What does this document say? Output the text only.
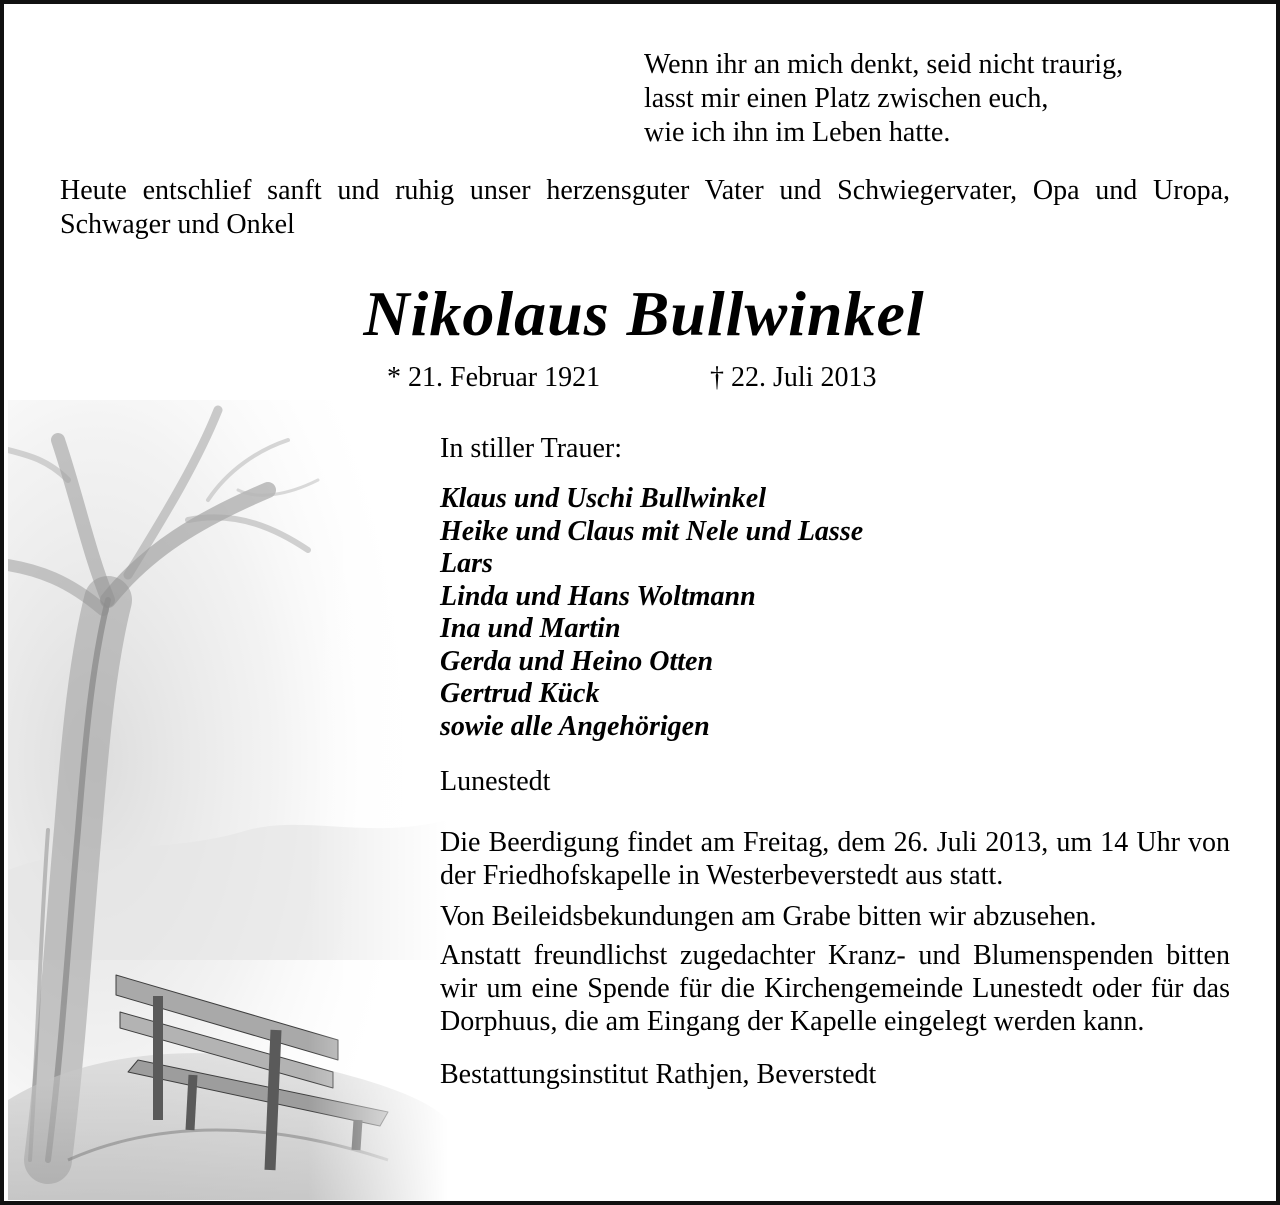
Wenn ihr an mich denkt, seid nicht traurig,
lasst mir einen Platz zwischen euch,
wie ich ihn im Leben hatte.
Heute entschlief sanft und ruhig unser herzensguter Vater und Schwiegervater, Opa und Uropa, Schwager und Onkel
Nikolaus Bullwinkel
* 21. Februar 1921	† 22. Juli 2013
In stiller Trauer:
Klaus und Uschi Bullwinkel
Heike und Claus mit Nele und Lasse
Lars
Linda und Hans Woltmann
Ina und Martin
Gerda und Heino Otten
Gertrud Kück
sowie alle Angehörigen
Lunestedt
Die Beerdigung findet am Freitag, dem 26. Juli 2013, um 14 Uhr von der Friedhofskapelle in Westerbeverstedt aus statt.
Von Beileidsbekundungen am Grabe bitten wir abzusehen.
Anstatt freundlichst zugedachter Kranz- und Blumenspenden bitten wir um eine Spende für die Kirchengemeinde Lunestedt oder für das Dorphuus, die am Eingang der Kapelle eingelegt werden kann.
Bestattungsinstitut Rathjen, Beverstedt
